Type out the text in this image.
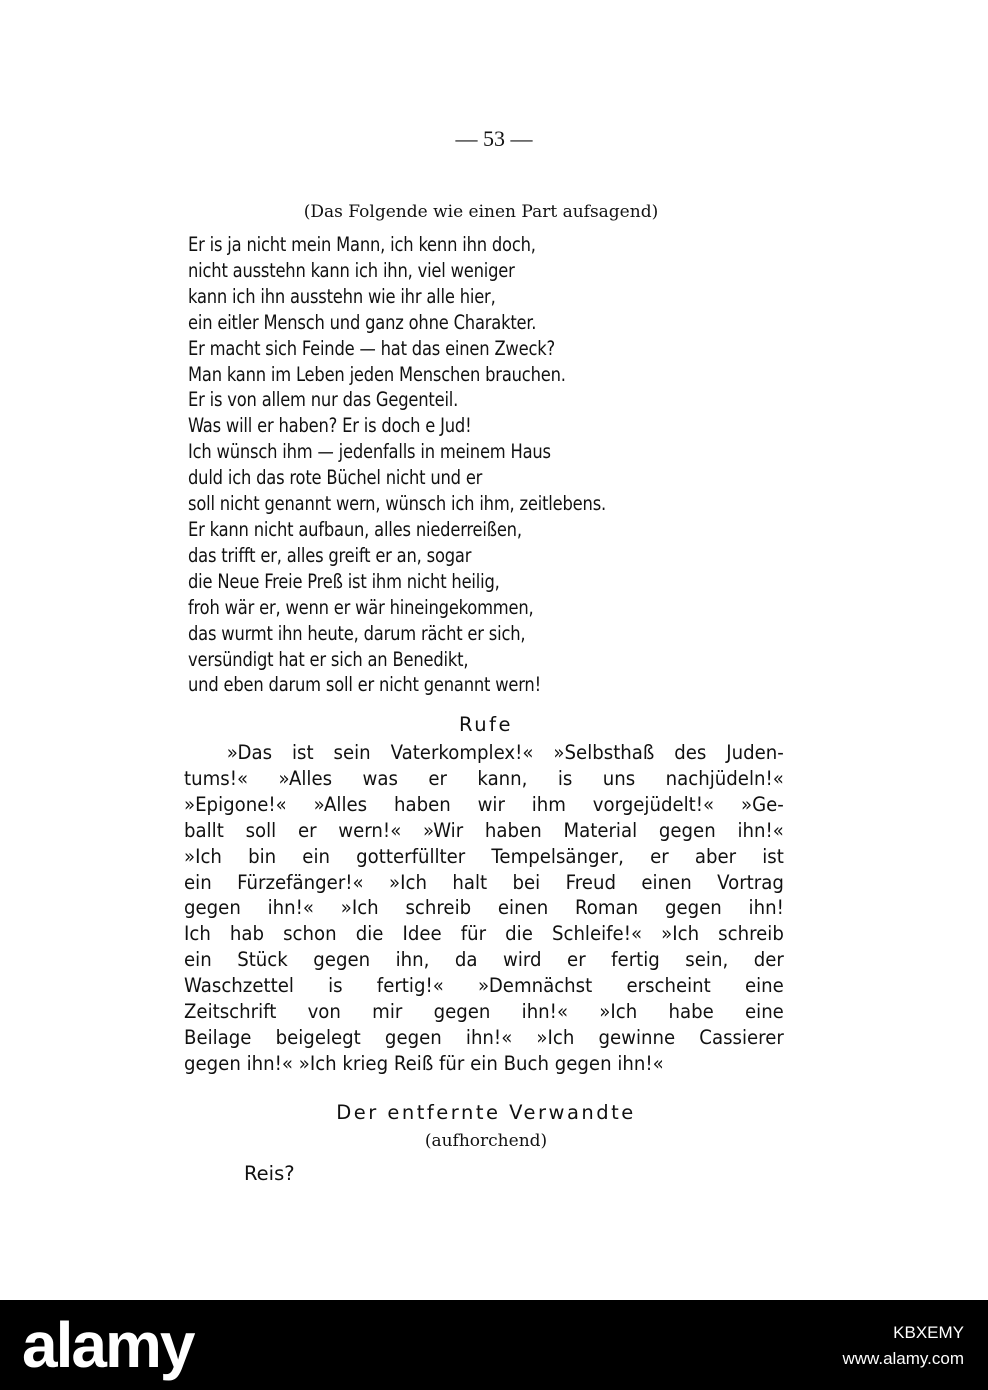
— 53 —
(Das Folgende wie einen Part aufsagend)
Er is ja nicht mein Mann, ich kenn ihn doch,
nicht ausstehn kann ich ihn, viel weniger
kann ich ihn ausstehn wie ihr alle hier,
ein eitler Mensch und ganz ohne Charakter.
Er macht sich Feinde — hat das einen Zweck?
Man kann im Leben jeden Menschen brauchen.
Er is von allem nur das Gegenteil.
Was will er haben? Er is doch e Jud!
Ich wünsch ihm — jedenfalls in meinem Haus
duld ich das rote Büchel nicht und er
soll nicht genannt wern, wünsch ich ihm, zeitlebens.
Er kann nicht aufbaun, alles niederreißen,
das trifft er, alles greift er an, sogar
die Neue Freie Preß ist ihm nicht heilig,
froh wär er, wenn er wär hineingekommen,
das wurmt ihn heute, darum rächt er sich,
versündigt hat er sich an Benedikt,
und eben darum soll er nicht genannt wern!
Rufe
»Das ist sein Vaterkomplex!« »Selbsthaß des Juden-
tums!« »Alles was er kann, is uns nachjüdeln!«
»Epigone!« »Alles haben wir ihm vorgejüdelt!« »Ge-
ballt soll er wern!« »Wir haben Material gegen ihn!«
»Ich bin ein gotterfüllter Tempelsänger, er aber ist
ein Fürzefänger!« »Ich halt bei Freud einen Vortrag
gegen ihn!« »Ich schreib einen Roman gegen ihn!
Ich hab schon die Idee für die Schleife!« »Ich schreib
ein Stück gegen ihn, da wird er fertig sein, der
Waschzettel is fertig!« »Demnächst erscheint eine
Zeitschrift von mir gegen ihn!« »Ich habe eine
Beilage beigelegt gegen ihn!« »Ich gewinne Cassierer
gegen ihn!« »Ich krieg Reiß für ein Buch gegen ihn!«
Der entfernte Verwandte
(aufhorchend)
Reis?
alamy	KBXEMY
www.alamy.com
